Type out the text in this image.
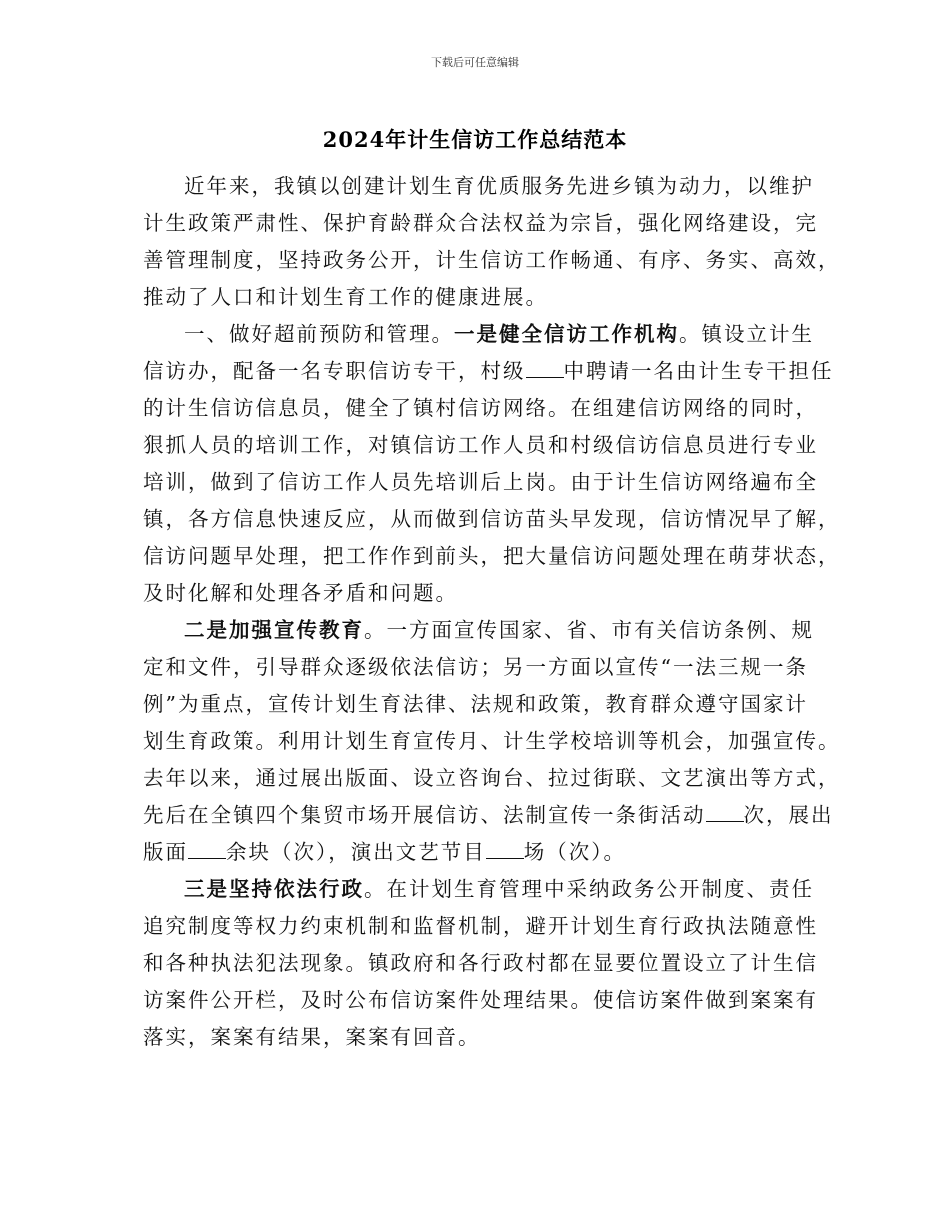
下载后可任意编辑
2024年计生信访工作总结范本

近年来，我镇以创建计划生育优质服务先进乡镇为动力，以维护
计生政策严肃性、保护育龄群众合法权益为宗旨，强化网络建设，完
善管理制度，坚持政务公开，计生信访工作畅通、有序、务实、高效，
推动了人口和计划生育工作的健康进展。

一、做好超前预防和管理。一是健全信访工作机构。镇设立计生
信访办，配备一名专职信访专干，村级 中聘请一名由计生专干担任
的计生信访信息员，健全了镇村信访网络。在组建信访网络的同时，
狠抓人员的培训工作，对镇信访工作人员和村级信访信息员进行专业
培训，做到了信访工作人员先培训后上岗。由于计生信访网络遍布全
镇，各方信息快速反应，从而做到信访苗头早发现，信访情况早了解，
信访问题早处理，把工作作到前头，把大量信访问题处理在萌芽状态，
及时化解和处理各矛盾和问题。

二是加强宣传教育。一方面宣传国家、省、市有关信访条例、规
定和文件，引导群众逐级依法信访；另一方面以宣传“一法三规一条
例”为重点，宣传计划生育法律、法规和政策，教育群众遵守国家计
划生育政策。利用计划生育宣传月、计生学校培训等机会，加强宣传。
去年以来，通过展出版面、设立咨询台、拉过街联、文艺演出等方式，
先后在全镇四个集贸市场开展信访、法制宣传一条街活动 次，展出
版面 余块（次），演出文艺节目 场（次）。

三是坚持依法行政。在计划生育管理中采纳政务公开制度、责任
追究制度等权力约束机制和监督机制，避开计划生育行政执法随意性
和各种执法犯法现象。镇政府和各行政村都在显要位置设立了计生信
访案件公开栏，及时公布信访案件处理结果。使信访案件做到案案有
落实，案案有结果，案案有回音。
